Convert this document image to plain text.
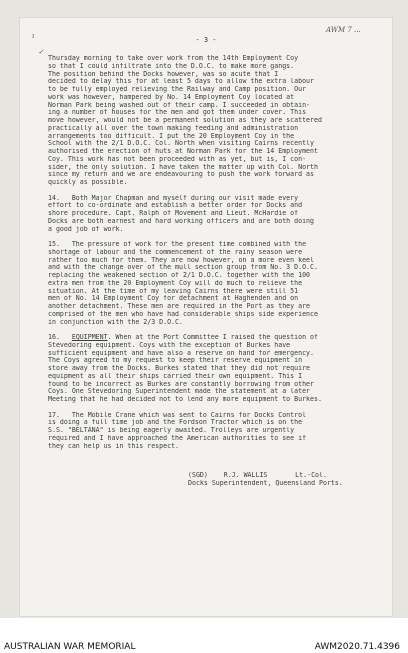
ı
✓
AWM 7 ...
- 3 -
Thursday morning to take over work from the 14th Employment Coy
so that I could infiltrate into the D.O.C. to make more gangs.
The position behind the Docks however, was so acute that I
decided to delay this for at least 5 days to allow the extra labour
to be fully employed relieving the Railway and Camp position. Our
work was however, hampered by No. 14 Employment Coy located at
Norman Park being washed out of their camp. I succeeded in obtain-
ing a number of houses for the men and got them under cover. This
move however, would not be a permanent solution as they are scattered
practically all over the town making feeding and administration
arrangements too difficult. I put the 20 Employment Coy in the
School with the 2/1 D.O.C. Col. North when visiting Cairns recently
authorised the erection of huts at Norman Park for the 14 Employment
Coy. This work has not been proceeded with as yet, but is, I con-
sider, the only solution. I have taken the matter up with Col. North
since my return and we are endeavouring to push the work forward as
quickly as possible.
14.   Both Major Chapman and myself during our visit made every
effort to co-ordinate and establish a better order for Docks and
shore procedure. Capt. Ralph of Movement and Lieut. McHardie of
Docks are both earnest and hard working officers and are both doing
a good job of work.
15.   The pressure of work for the present time combined with the
shortage of labour and the commencement of the rainy season were
rather too much for them. They are now however, on a more even keel
and with the change over of the mull section group from No. 3 D.O.C.
replacing the weakened section of 2/1 D.O.C. together with the 100
extra men from the 20 Employment Coy will do much to relieve the
situation. At the time of my leaving Cairns there were still 51
men of No. 14 Employment Coy for detachment at Haghenden and on
another detachment. These men are required in the Port as they are
comprised of the men who have had considerable ships side experience
in conjunction with the 2/3 D.O.C.
16. EQUIPMENT. When at the Port Committee I raised the question of
Stevedoring equipment. Coys with the exception of Burkes have
sufficient equipment and have also a reserve on hand for emergency.
The Coys agreed to my request to keep their reserve equipment in
store away from the Docks. Burkes stated that they did not require
equipment as all their ships carried their own equipment. This I
found to be incorrect as Burkes are constantly borrowing from other
Coys. One Stevedoring Superintendent made the statement at a later
Meeting that he had decided not to lend any more equipment to Burkes.
17.   The Mobile Crane which was sent to Cairns for Docks Control
is doing a full time job and the Fordson Tractor which is on the
S.S. "BELTANA" is being eagerly awaited. Trolleys are urgently
required and I have approached the American authorities to see if
they can help us in this respect.
(SGD)    R.J. WALLIS       Lt.-Col.
Docks Superintendent, Queensland Ports.
AUSTRALIAN WAR MEMORIAL	AWM2020.71.4396
